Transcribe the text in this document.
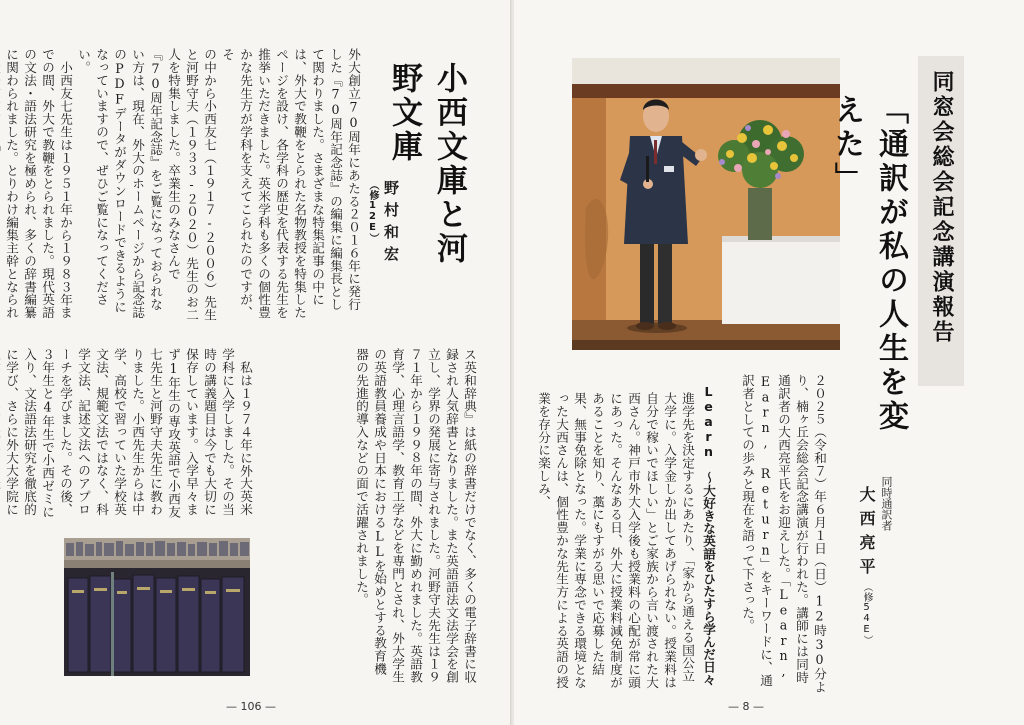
外大創立70周年にあたる２０１６年に発行した『70周年記念誌』の編集に編集長として関わりました。さまざまな特集記事の中には、外大で教鞭をとられた名物教授を特集したページを設け、各学科の歴史を代表する先生を推挙いただきました。英米学科も多くの個性豊かな先生方が学科を支えてこられたのですが、そ

の中から小西友七（１９１７‐２００６）先生と河野守夫（１９３３‐２０２０）先生のお二人を特集しました。卒業生のみなさんで『70周年記念誌』をご覧になっておられない方は、現在、外大のホームページから記念誌のPDFデータがダウンロードできるようになっていますので、ぜひご覧になってください。

小西友七先生は１９５１年から１９８３年までの間、外大で教鞭をとられました。現代英語の文法・語法研究を極められ、多くの辞書編纂に関わられました。とりわけ編集主幹となられ

野村和宏（修12E）	小西文庫と河野文庫

ス英和辞典』は紙の辞書だけでなく、多くの電子辞書に収録され人気辞書となりました。また英語語法文法学会を創立し、学界の発展に寄与されました。河野守夫先生は１９７１年から１９９８年の間、外大に勤めれました。英語教育学、心理言語学、教育工学などを専門とされ、外大学生の英語教員養成や日本におけるLLを始めとする教育機器の先進的導入などの面で活躍されました。

私は１９７４年に外大英米学科に入学しました。その当時の講義題目は今でも大切に保存しています。入学早々まず1年生の専攻英語で小西友七先生と河野守夫先生に教わりました。小西先生からは中学、高校で習っていた学校英文法、規範文法ではなく、科学文法、記述文法へのアプローチを学びました。その後、３年生と4年生で小西ゼミに入り、文法語法研究を徹底的に学び、さらに外大大学院に

— 106 —
同時通訳者
大西亮平（修54E）
「通訳が私の人生を変えた」	同窓会総会記念講演報告
２０２５（令和７）年６月１日（日）12時30分より、楠ヶ丘会総会記念講演が行われた。講師には同時通訳者の大西亮平氏をお迎えした。「Learn, Earn, Return」をキーワードに、通訳者としての歩みと現在を語って下さった。
Learn　～大好きな英語をひたすら学んだ日々
進学先を決定するにあたり、「家から通える国公立大学に。入学金しか出してあげられない。授業料は自分で稼いでほしい」とご家族から言い渡された大西さん。神戸市外大入学後も授業料の心配が常に頭にあった。そんなある日、外大に授業料減免制度があることを知り、藁にもすがる思いで応募した結果、無事免除となった。学業に専念できる環境となった大西さんは、個性豊かな先生方による英語の授業を存分に楽しみ、
— 8 —
